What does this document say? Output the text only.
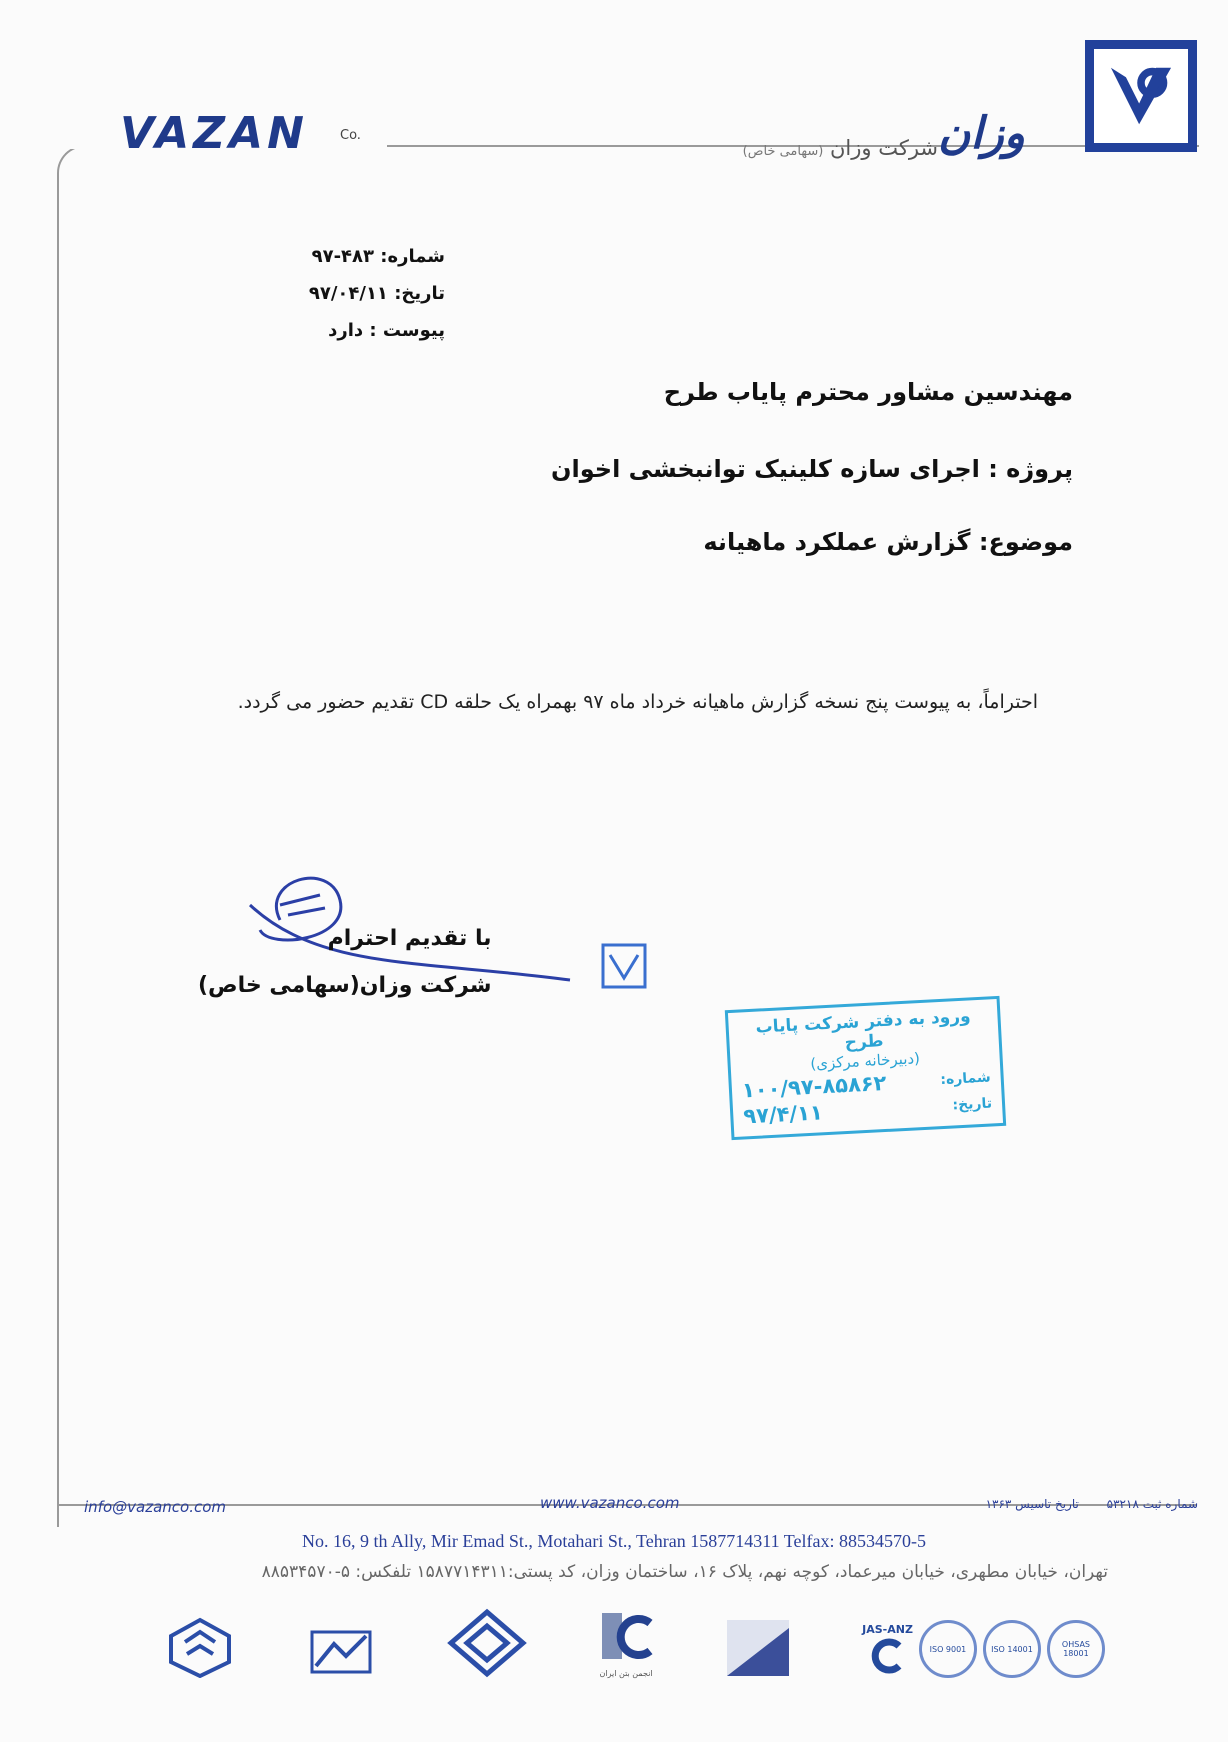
VAZAN Co.	وزان
شرکت وزان (سهامی خاص)
شماره: ۴۸۳-۹۷
تاریخ: ۹۷/۰۴/۱۱
پیوست : دارد
مهندسین مشاور محترم پایاب طرح
پروژه : اجرای سازه کلینیک توانبخشی اخوان
موضوع: گزارش عملکرد ماهیانه
احتراماً، به پیوست پنج نسخه گزارش ماهیانه خرداد ماه ۹۷ بهمراه یک حلقه CD تقدیم حضور می گردد.
با تقدیم احترام
شرکت وزان(سهامی خاص)
ورود به دفتر شرکت پایاب طرح
(دبیرخانه مرکزی)
شماره:
۱۰۰/۹۷-۸۵۸۶۲
تاریخ:
۹۷/۴/۱۱
info@vazanco.com	www.vazanco.com	شماره ثبت ۵۳۲۱۸ تاریخ تاسیس ۱۳۶۳
No. 16, 9 th Ally, Mir Emad St., Motahari St., Tehran 1587714311 Telfax: 88534570-5
تهران، خیابان مطهری، خیابان میرعماد، کوچه نهم، پلاک ۱۶، ساختمان وزان، کد پستی:۱۵۸۷۷۱۴۳۱۱ تلفکس: ۵-۸۸۵۳۴۵۷۰
انجمن بتن ایران
JAS-ANZ
ISO 9001	ISO 14001	OHSAS 18001
